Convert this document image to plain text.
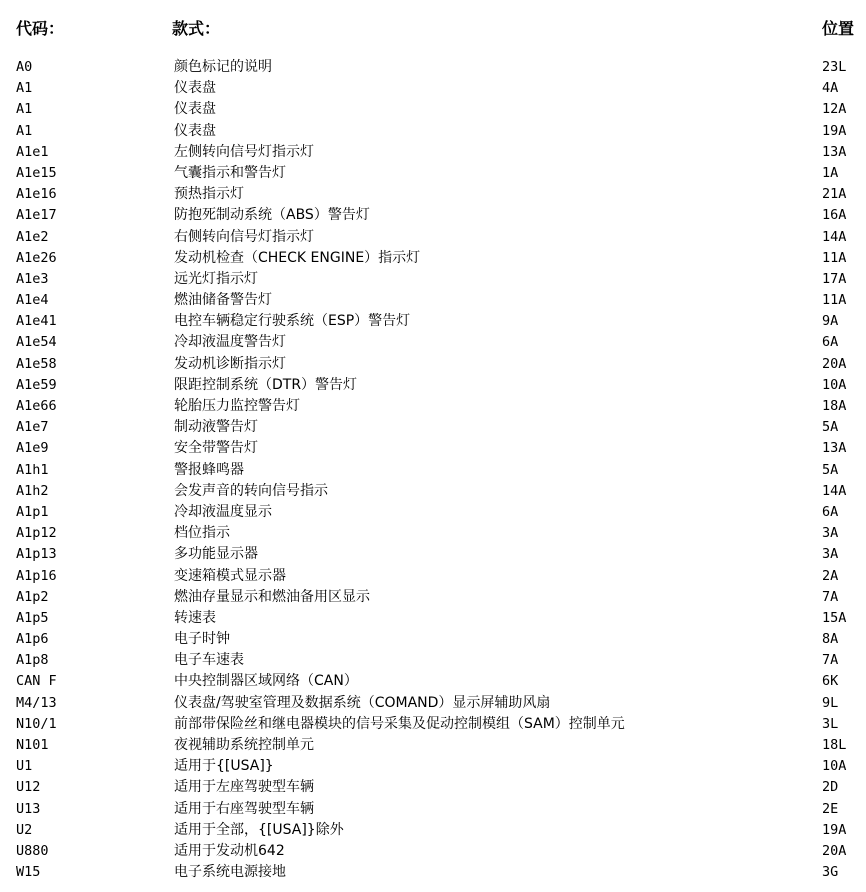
代码：	款式：	位置
A0	颜色标记的说明	23L
A1	仪表盘	4A
A1	仪表盘	12A
A1	仪表盘	19A
A1e1	左侧转向信号灯指示灯	13A
A1e15	气囊指示和警告灯	1A
A1e16	预热指示灯	21A
A1e17	防抱死制动系统（ABS）警告灯	16A
A1e2	右侧转向信号灯指示灯	14A
A1e26	发动机检查（CHECK ENGINE）指示灯	11A
A1e3	远光灯指示灯	17A
A1e4	燃油储备警告灯	11A
A1e41	电控车辆稳定行驶系统（ESP）警告灯	9A
A1e54	冷却液温度警告灯	6A
A1e58	发动机诊断指示灯	20A
A1e59	限距控制系统（DTR）警告灯	10A
A1e66	轮胎压力监控警告灯	18A
A1e7	制动液警告灯	5A
A1e9	安全带警告灯	13A
A1h1	警报蜂鸣器	5A
A1h2	会发声音的转向信号指示	14A
A1p1	冷却液温度显示	6A
A1p12	档位指示	3A
A1p13	多功能显示器	3A
A1p16	变速箱模式显示器	2A
A1p2	燃油存量显示和燃油备用区显示	7A
A1p5	转速表	15A
A1p6	电子时钟	8A
A1p8	电子车速表	7A
CAN F	中央控制器区域网络（CAN）	6K
M4/13	仪表盘/驾驶室管理及数据系统（COMAND）显示屏辅助风扇	9L
N10/1	前部带保险丝和继电器模块的信号采集及促动控制模组（SAM）控制单元	3L
N101	夜视辅助系统控制单元	18L
U1	适用于{[USA]}	10A
U12	适用于左座驾驶型车辆	2D
U13	适用于右座驾驶型车辆	2E
U2	适用于全部，{[USA]}除外	19A
U880	适用于发动机642	20A
W15	电子系统电源接地	3G
